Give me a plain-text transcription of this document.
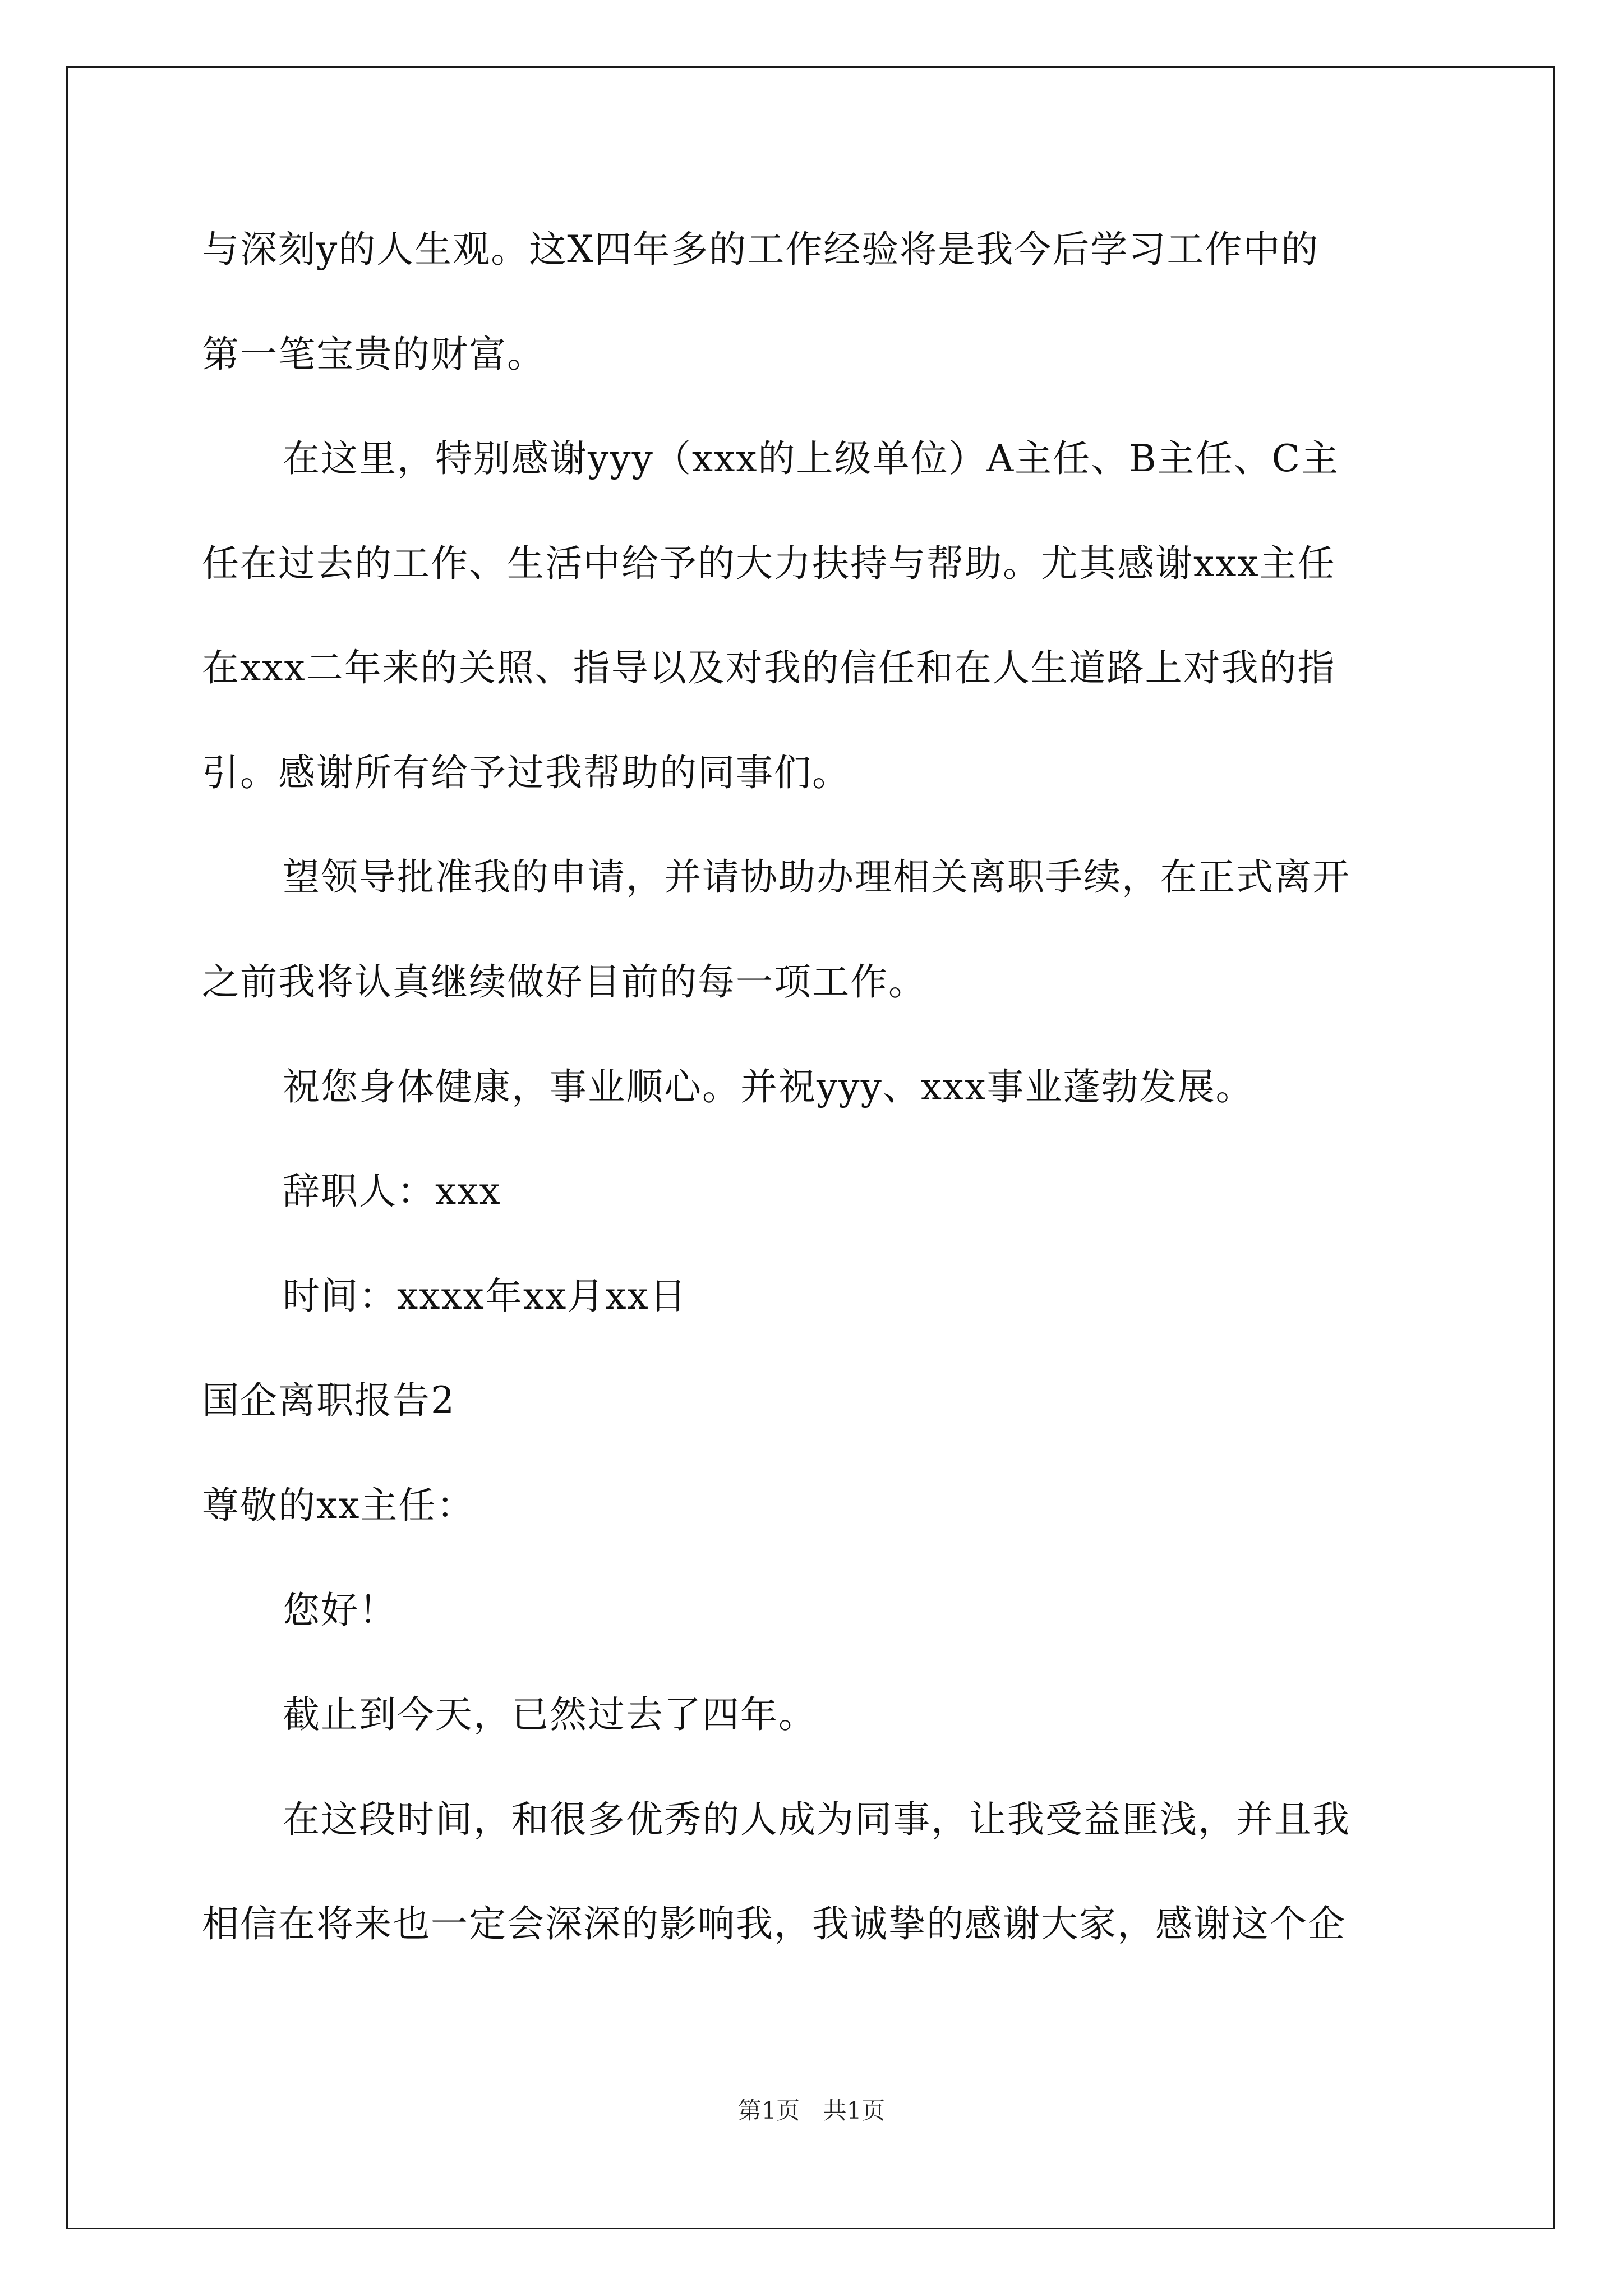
与深刻y的人生观。这X四年多的工作经验将是我今后学习工作中的
第一笔宝贵的财富。
在这里，特别感谢yyy（xxx的上级单位）A主任、B主任、C主
任在过去的工作、生活中给予的大力扶持与帮助。尤其感谢xxx主任
在xxx二年来的关照、指导以及对我的信任和在人生道路上对我的指
引。感谢所有给予过我帮助的同事们。
望领导批准我的申请，并请协助办理相关离职手续，在正式离开
之前我将认真继续做好目前的每一项工作。
祝您身体健康，事业顺心。并祝yyy、xxx事业蓬勃发展。
辞职人：xxx
时间：xxxx年xx月xx日
国企离职报告2
尊敬的xx主任：
您好！
截止到今天，已然过去了四年。
在这段时间，和很多优秀的人成为同事，让我受益匪浅，并且我
相信在将来也一定会深深的影响我，我诚挚的感谢大家，感谢这个企
第1页 共1页
